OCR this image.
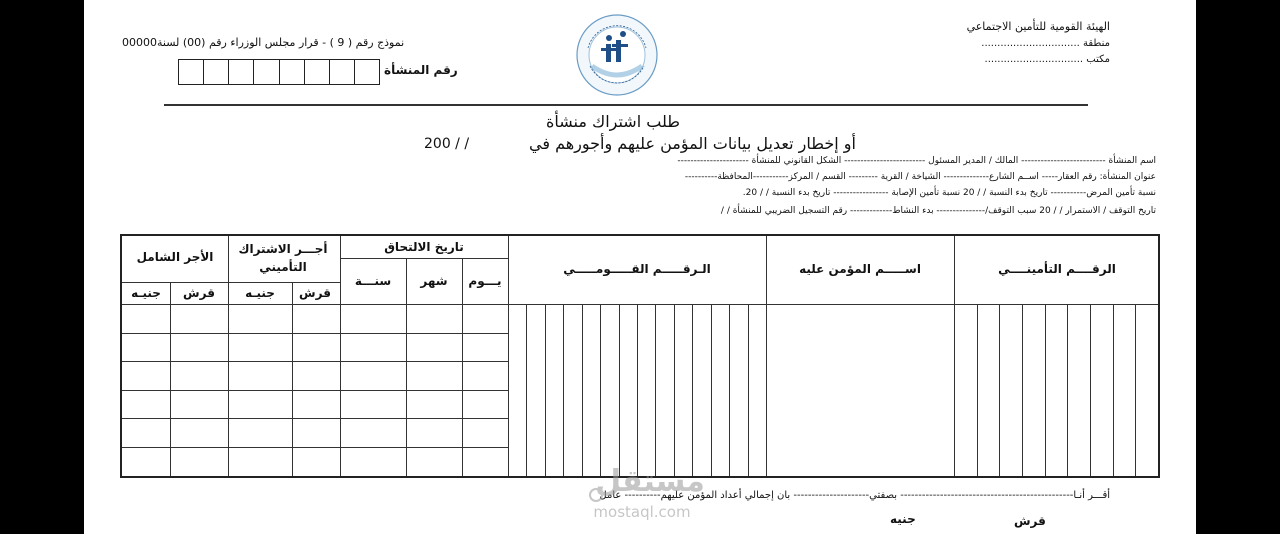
الهيئة القومية للتأمين الاجتماعي
منطقة ...............................
مكتب ...............................
نموذج رقم ( 9 ) - قرار مجلس الوزراء رقم (00) لسنة00000
رقم المنشأة
طلب اشتراك منشأة
أو إخطار تعديل بيانات المؤمن عليهم وأجورهم في
200 / /
اسم المنشأة -------------------------- المالك / المدير المسئول ------------------------- الشكل القانوني للمنشأة ----------------------
عنوان المنشأة: رقم العقار----- اســم الشارع-------------- الشياخة / القرية --------- القسم / المركز-----------المحافظة----------
نسبة تأمين المرض----------- تاريخ بدء النسبة / / 20 نسبة تأمين الإصابة ----------------- تاريخ بدء النسبة / / 20.
تاريخ التوقف / الاستمرار / / 20 سبب التوقف/--------------- بدء النشاط------------- رقم التسجيل الضريبي للمنشأة / /
الرقــــم التأمينــــي
اســـــم المؤمن عليه
الـرقـــــم القـــــومـــــي
تاريخ الالتحاق
يـــوم
شهر
سنـــة
أجـــر الاشتراك التأميني
الأجر الشامل
قرش
جنيـه
قرش
جنيـه
أقـــر أنـا------------------------------------------------ بصفتي--------------------- بان إجمالي أعداد المؤمن عليهم---------- عامل
جنيه	قرش
مستقل
mostaql.com
